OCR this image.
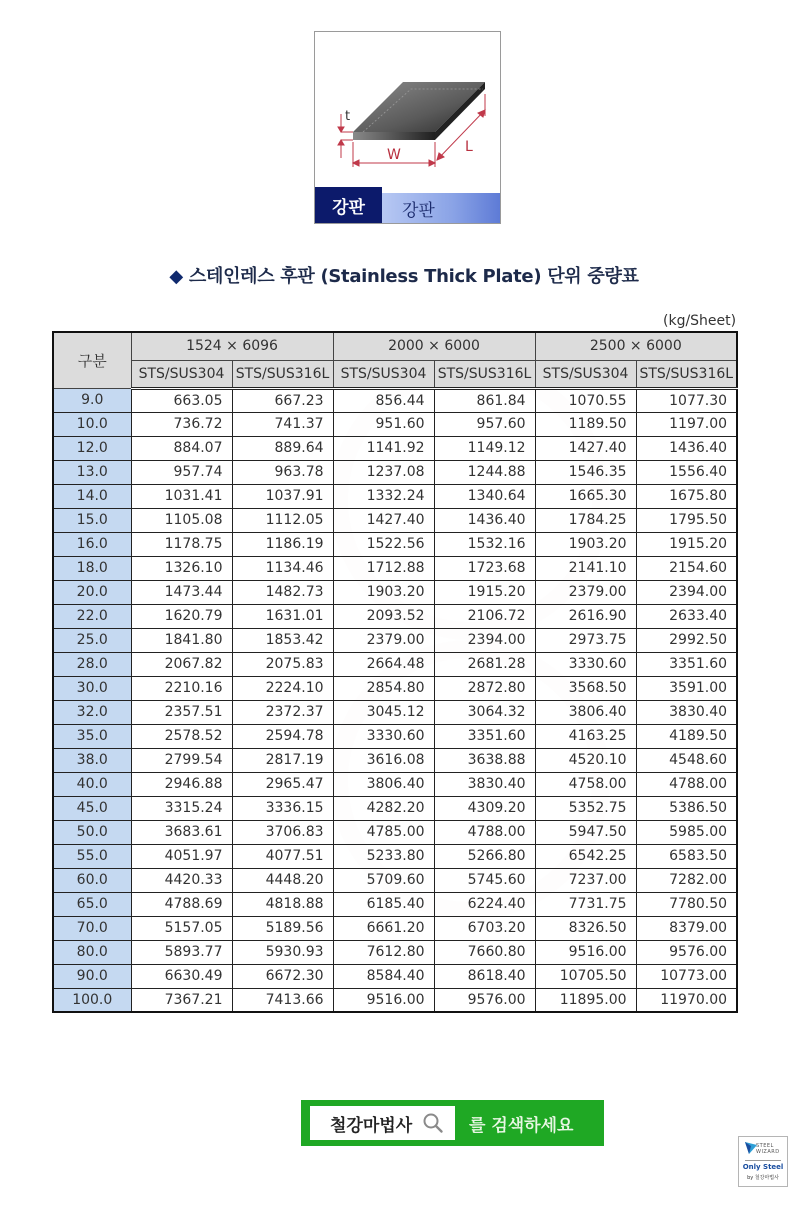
t
W	L
강판	강판
◆ 스테인레스 후판 (Stainless Thick Plate) 단위 중량표
(kg/Sheet)
구분	1524 × 6096		2000 × 6000		2500 × 6000	
	STS/SUS304	STS/SUS316L	STS/SUS304	STS/SUS316L	STS/SUS304	STS/SUS316L
9.0	663.05	667.23	856.44	861.84	1070.55	1077.30
10.0	736.72	741.37	951.60	957.60	1189.50	1197.00
12.0	884.07	889.64	1141.92	1149.12	1427.40	1436.40
13.0	957.74	963.78	1237.08	1244.88	1546.35	1556.40
14.0	1031.41	1037.91	1332.24	1340.64	1665.30	1675.80
15.0	1105.08	1112.05	1427.40	1436.40	1784.25	1795.50
16.0	1178.75	1186.19	1522.56	1532.16	1903.20	1915.20
18.0	1326.10	1134.46	1712.88	1723.68	2141.10	2154.60
20.0	1473.44	1482.73	1903.20	1915.20	2379.00	2394.00
22.0	1620.79	1631.01	2093.52	2106.72	2616.90	2633.40
25.0	1841.80	1853.42	2379.00	2394.00	2973.75	2992.50
28.0	2067.82	2075.83	2664.48	2681.28	3330.60	3351.60
30.0	2210.16	2224.10	2854.80	2872.80	3568.50	3591.00
32.0	2357.51	2372.37	3045.12	3064.32	3806.40	3830.40
35.0	2578.52	2594.78	3330.60	3351.60	4163.25	4189.50
38.0	2799.54	2817.19	3616.08	3638.88	4520.10	4548.60
40.0	2946.88	2965.47	3806.40	3830.40	4758.00	4788.00
45.0	3315.24	3336.15	4282.20	4309.20	5352.75	5386.50
50.0	3683.61	3706.83	4785.00	4788.00	5947.50	5985.00
55.0	4051.97	4077.51	5233.80	5266.80	6542.25	6583.50
60.0	4420.33	4448.20	5709.60	5745.60	7237.00	7282.00
65.0	4788.69	4818.88	6185.40	6224.40	7731.75	7780.50
70.0	5157.05	5189.56	6661.20	6703.20	8326.50	8379.00
80.0	5893.77	5930.93	7612.80	7660.80	9516.00	9576.00
90.0	6630.49	6672.30	8584.40	8618.40	10705.50	10773.00
100.0	7367.21	7413.66	9516.00	9576.00	11895.00	11970.00
철강마법사	를 검색하세요
STEEL
WIZARD
Only Steel
by 철강마법사
